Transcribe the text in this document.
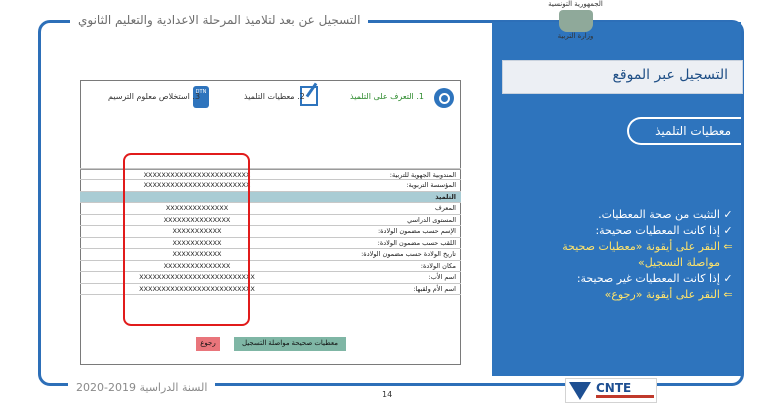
التسجيل عن بعد لتلاميذ المرحلة الاعدادية والتعليم الثانوي
السنة الدراسية 2019-2020
14
الجمهورية التونسية
وزارة التربية
التسجيل عبر الموقع
معطيات التلميذ
✓التثبت من صحة المعطيات.
✓إذا كانت المعطيات صحيحة:
⇐النقر على أيقونة «معطيات صحيحة
مواصلة التسجيل»
✓إذا كانت المعطيات غير صحيحة:
⇐النقر على أيقونة «رجوع»
CNTE
1. التعرف على التلميذ
2. معطيات التلميذ
DTN
3. استخلاص معلوم الترسيم
المندوبية الجهوية للتربية:
XXXXXXXXXXXXXXXXXXXXXXXX
المؤسسة التربوية:
XXXXXXXXXXXXXXXXXXXXXXXX
التلميذ
المعرف
XXXXXXXXXXXXXX
المستوى الدراسي
XXXXXXXXXXXXXXX
الإسم حسب مضمون الولادة:
XXXXXXXXXXX
اللقب حسب مضمون الولادة:
XXXXXXXXXXX
تاريخ الولادة حسب مضمون الولادة:
XXXXXXXXXXX
مكان الولادة:
XXXXXXXXXXXXXXX
اسم الأب:
XXXXXXXXXXXXXXXXXXXXXXXXXX
اسم الأم ولقبها:
XXXXXXXXXXXXXXXXXXXXXXXXXX
رجوع	معطيات صحيحة مواصلة التسجيل
